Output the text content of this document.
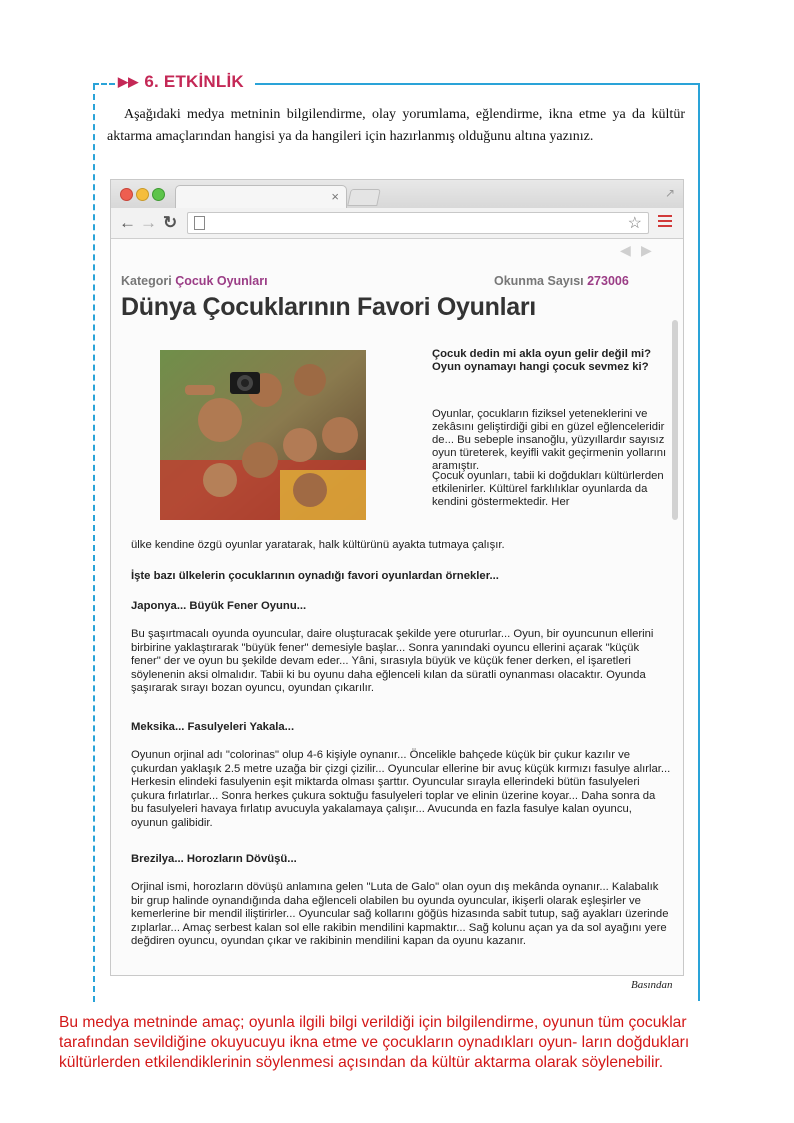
▶▶ 6. ETKİNLİK
Aşağıdaki medya metninin bilgilendirme, olay yorumlama, eğlendirme, ikna etme ya da kültür aktarma amaçlarından hangisi ya da hangileri için hazırlanmış olduğunu altına yazınız.
×	↗
← → ↻	☆
◀ ▶
Kategori Çocuk Oyunları	Okunma Sayısı 273006
Dünya Çocuklarının Favori Oyunları
Çocuk dedin mi akla oyun gelir değil mi? Oyun oynamayı hangi çocuk sevmez ki?
Oyunlar, çocukların fiziksel yeteneklerini ve zekâsını geliştirdiği gibi en güzel eğlenceleridir de... Bu sebeple insanoğlu, yüzyıllardır sayısız oyun türeterek, keyifli vakit geçirmenin yollarını aramıştır.
Çocuk oyunları, tabii ki doğdukları kültürlerden etkilenirler. Kültürel farklılıklar oyunlarda da kendini göstermektedir. Her
ülke kendine özgü oyunlar yaratarak, halk kültürünü ayakta tutmaya çalışır.
İşte bazı ülkelerin çocuklarının oynadığı favori oyunlardan örnekler...
Japonya... Büyük Fener Oyunu...
Bu şaşırtmacalı oyunda oyuncular, daire oluşturacak şekilde yere otururlar... Oyun, bir oyuncunun ellerini birbirine yaklaştırarak "büyük fener" demesiyle başlar... Sonra yanındaki oyuncu ellerini açarak "küçük fener" der ve oyun bu şekilde devam eder... Yâni, sırasıyla büyük ve küçük fener derken, el işaretleri söylenenin aksi olmalıdır. Tabii ki bu oyunu daha eğlenceli kılan da süratli oynanması olacaktır. Oyunda şaşırarak sırayı bozan oyuncu, oyundan çıkarılır.
Meksika... Fasulyeleri Yakala...
Oyunun orjinal adı "colorinas" olup 4-6 kişiyle oynanır... Öncelikle bahçede küçük bir çukur kazılır ve çukurdan yaklaşık 2.5 metre uzağa bir çizgi çizilir... Oyuncular ellerine bir avuç küçük kırmızı fasulye alırlar... Herkesin elindeki fasulyenin eşit miktarda olması şarttır. Oyuncular sırayla ellerindeki bütün fasulyeleri çukura fırlatırlar... Sonra herkes çukura soktuğu fasulyeleri toplar ve elinin üzerine koyar... Daha sonra da bu fasulyeleri havaya fırlatıp avucuyla yakalamaya çalışır... Avucunda en fazla fasulye kalan oyuncu, oyunun galibidir.
Brezilya... Horozların Dövüşü...
Orjinal ismi, horozların dövüşü anlamına gelen "Luta de Galo" olan oyun dış mekânda oynanır... Kalabalık bir grup halinde oynandığında daha eğlenceli olabilen bu oyunda oyuncular, ikişerli olarak eşleşirler ve kemerlerine bir mendil iliştirirler... Oyuncular sağ kollarını göğüs hizasında sabit tutup, sağ ayakları üzerinde zıplarlar... Amaç serbest kalan sol elle rakibin mendilini kapmaktır... Sağ kolunu açan ya da sol ayağını yere değdiren oyuncu, oyundan çıkar ve rakibinin mendilini kapan da oyunu kazanır.
Basından
Bu medya metninde amaç; oyunla ilgili bilgi verildiği için bilgilendirme, oyunun tüm çocuklar tarafından sevildiğine okuyucuyu ikna etme ve çocukların oynadıkları oyun- ların doğdukları kültürlerden etkilendiklerinin söylenmesi açısından da kültür aktarma olarak söylenebilir.
